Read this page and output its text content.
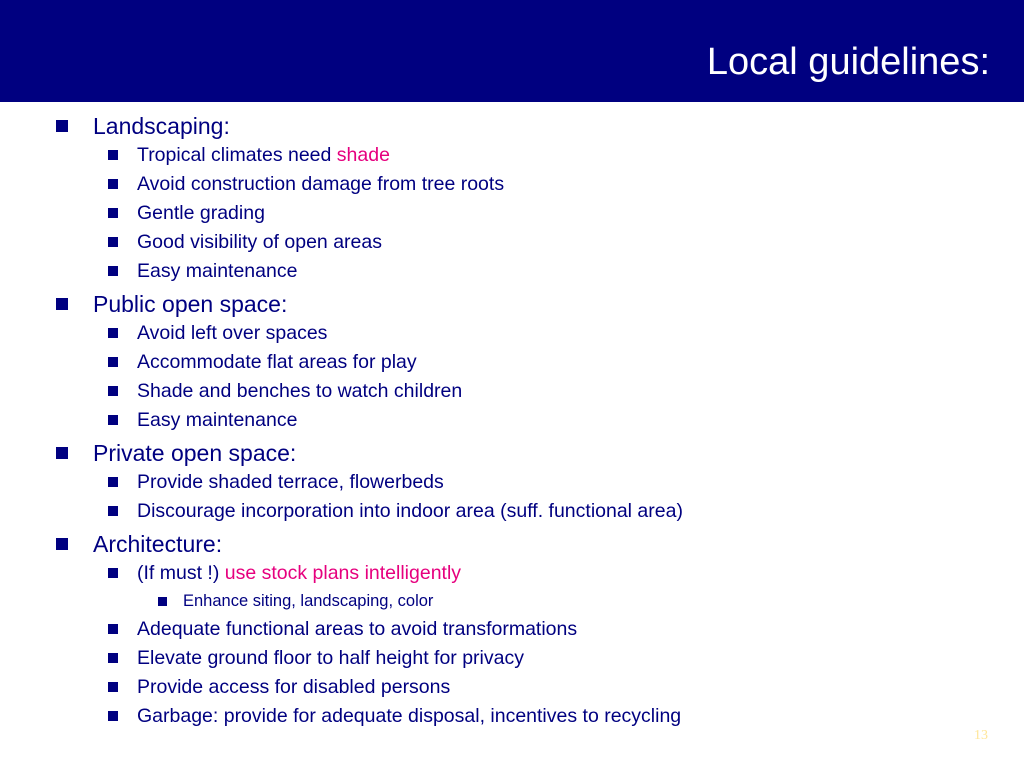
Local guidelines:
Landscaping:
Tropical climates need shade
Avoid construction damage from tree roots
Gentle grading
Good visibility of open areas
Easy maintenance
Public open space:
Avoid left over spaces
Accommodate flat areas for play
Shade and benches to watch children
Easy maintenance
Private open space:
Provide shaded terrace, flowerbeds
Discourage incorporation into indoor area (suff. functional area)
Architecture:
(If must !) use stock plans intelligently
Enhance siting, landscaping, color
Adequate functional areas to avoid transformations
Elevate ground floor to half height for privacy
Provide access for disabled persons
Garbage: provide for adequate disposal, incentives to recycling
13
